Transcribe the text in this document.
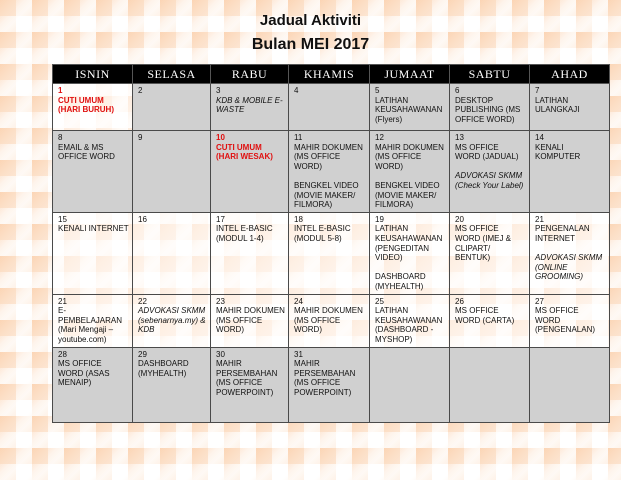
Jadual Aktiviti
Bulan MEI 2017
ISNIN	SELASA	RABU	KHAMIS	JUMAAT	SABTU	AHAD

1
CUTI UMUM
(HARI BURUH)	2	3
KDB & MOBILE E-WASTE	4	5
LATIHAN KEUSAHAWANAN (Flyers)	6
DESKTOP PUBLISHING (MS OFFICE WORD)	7
LATIHAN ULANGKAJI

8
EMAIL & MS OFFICE WORD	9	10
CUTI UMUM
(HARI WESAK)	11
MAHIR DOKUMEN (MS OFFICE WORD)
BENGKEL VIDEO (MOVIE MAKER/ FILMORA)	12
MAHIR DOKUMEN (MS OFFICE WORD)
BENGKEL VIDEO (MOVIE MAKER/ FILMORA)	13
MS OFFICE WORD (JADUAL)
ADVOKASI SKMM (Check Your Label)	14
KENALI KOMPUTER

15
KENALI INTERNET	16	17
INTEL E-BASIC (MODUL 1-4)	18
INTEL E-BASIC (MODUL 5-8)	19
LATIHAN KEUSAHAWANAN (PENGEDITAN VIDEO)
DASHBOARD (MYHEALTH)	20
MS OFFICE WORD (IMEJ & CLIPART/ BENTUK)	21
PENGENALAN INTERNET
ADVOKASI SKMM (ONLINE GROOMING)

21
E-PEMBELAJARAN (Mari Mengaji – youtube.com)	22
ADVOKASI SKMM (sebenarnya.my) & KDB	23
MAHIR DOKUMEN (MS OFFICE WORD)	24
MAHIR DOKUMEN (MS OFFICE WORD)	25
LATIHAN KEUSAHAWANAN (DASHBOARD - MYSHOP)	26
MS OFFICE WORD (CARTA)	27
MS OFFICE WORD (PENGENALAN)

28
MS OFFICE WORD (ASAS MENAIP)	29
DASHBOARD (MYHEALTH)	30
MAHIR PERSEMBAHAN (MS OFFICE POWERPOINT)	31
MAHIR PERSEMBAHAN (MS OFFICE POWERPOINT)			
